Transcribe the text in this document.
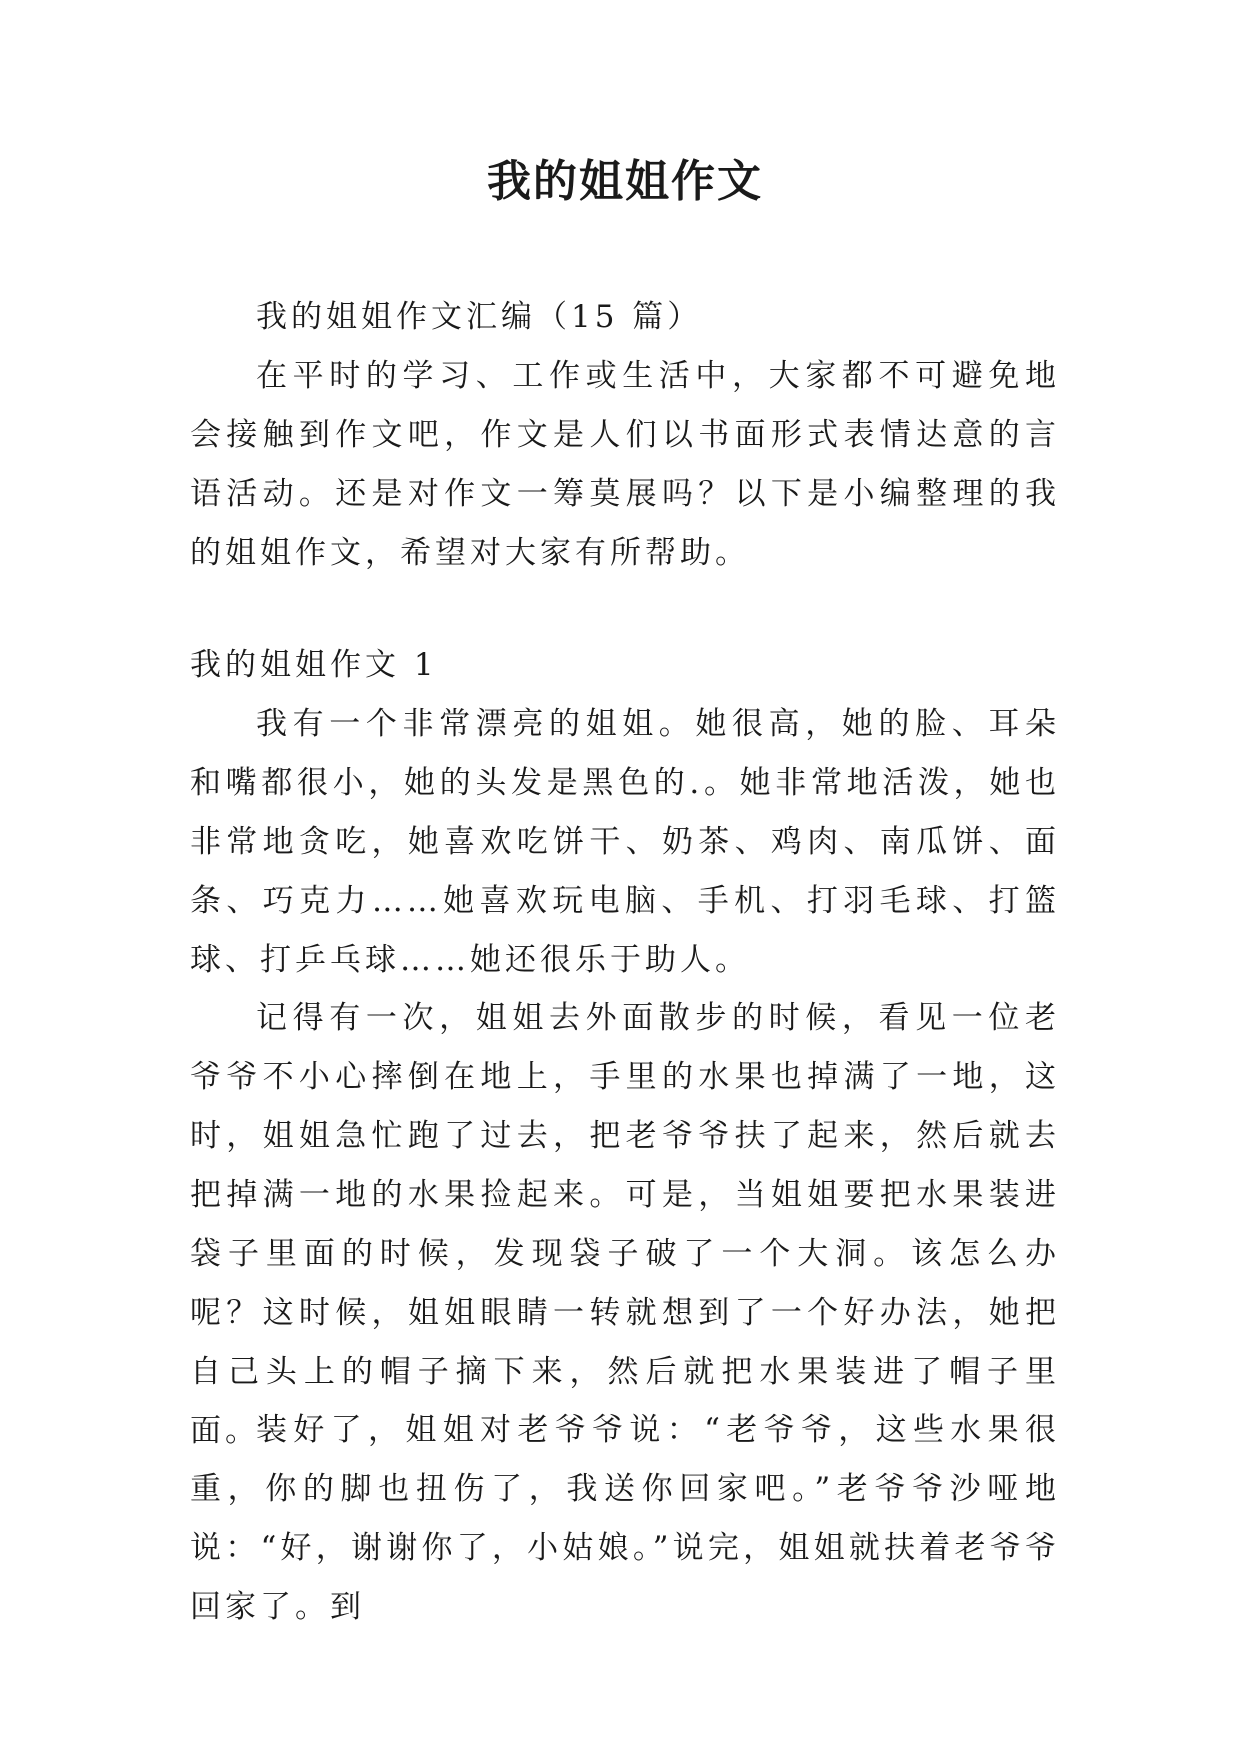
我的姐姐作文

我的姐姐作文汇编（15 篇）

在平时的学习、工作或生活中，大家都不可避免地会接触到作文吧，作文是人们以书面形式表情达意的言语活动。还是对作文一筹莫展吗？以下是小编整理的我的姐姐作文，希望对大家有所帮助。

我的姐姐作文 1

我有一个非常漂亮的姐姐。她很高，她的脸、耳朵和嘴都很小，她的头发是黑色的.。她非常地活泼，她也非常地贪吃，她喜欢吃饼干、奶茶、鸡肉、南瓜饼、面条、巧克力……她喜欢玩电脑、手机、打羽毛球、打篮球、打乒乓球……她还很乐于助人。

记得有一次，姐姐去外面散步的时候，看见一位老爷爷不小心摔倒在地上，手里的水果也掉满了一地，这时，姐姐急忙跑了过去，把老爷爷扶了起来，然后就去把掉满一地的水果捡起来。可是，当姐姐要把水果装进袋子里面的时候，发现袋子破了一个大洞。该怎么办呢？这时候，姐姐眼睛一转就想到了一个好办法，她把自己头上的帽子摘下来，然后就把水果装进了帽子里面。

装好了，姐姐对老爷爷说：“老爷爷，这些水果很重，你的脚也扭伤了，我送你回家吧。”老爷爷沙哑地说：“好，谢谢你了，小姑娘。”说完，姐姐就扶着老爷爷回家了。到
